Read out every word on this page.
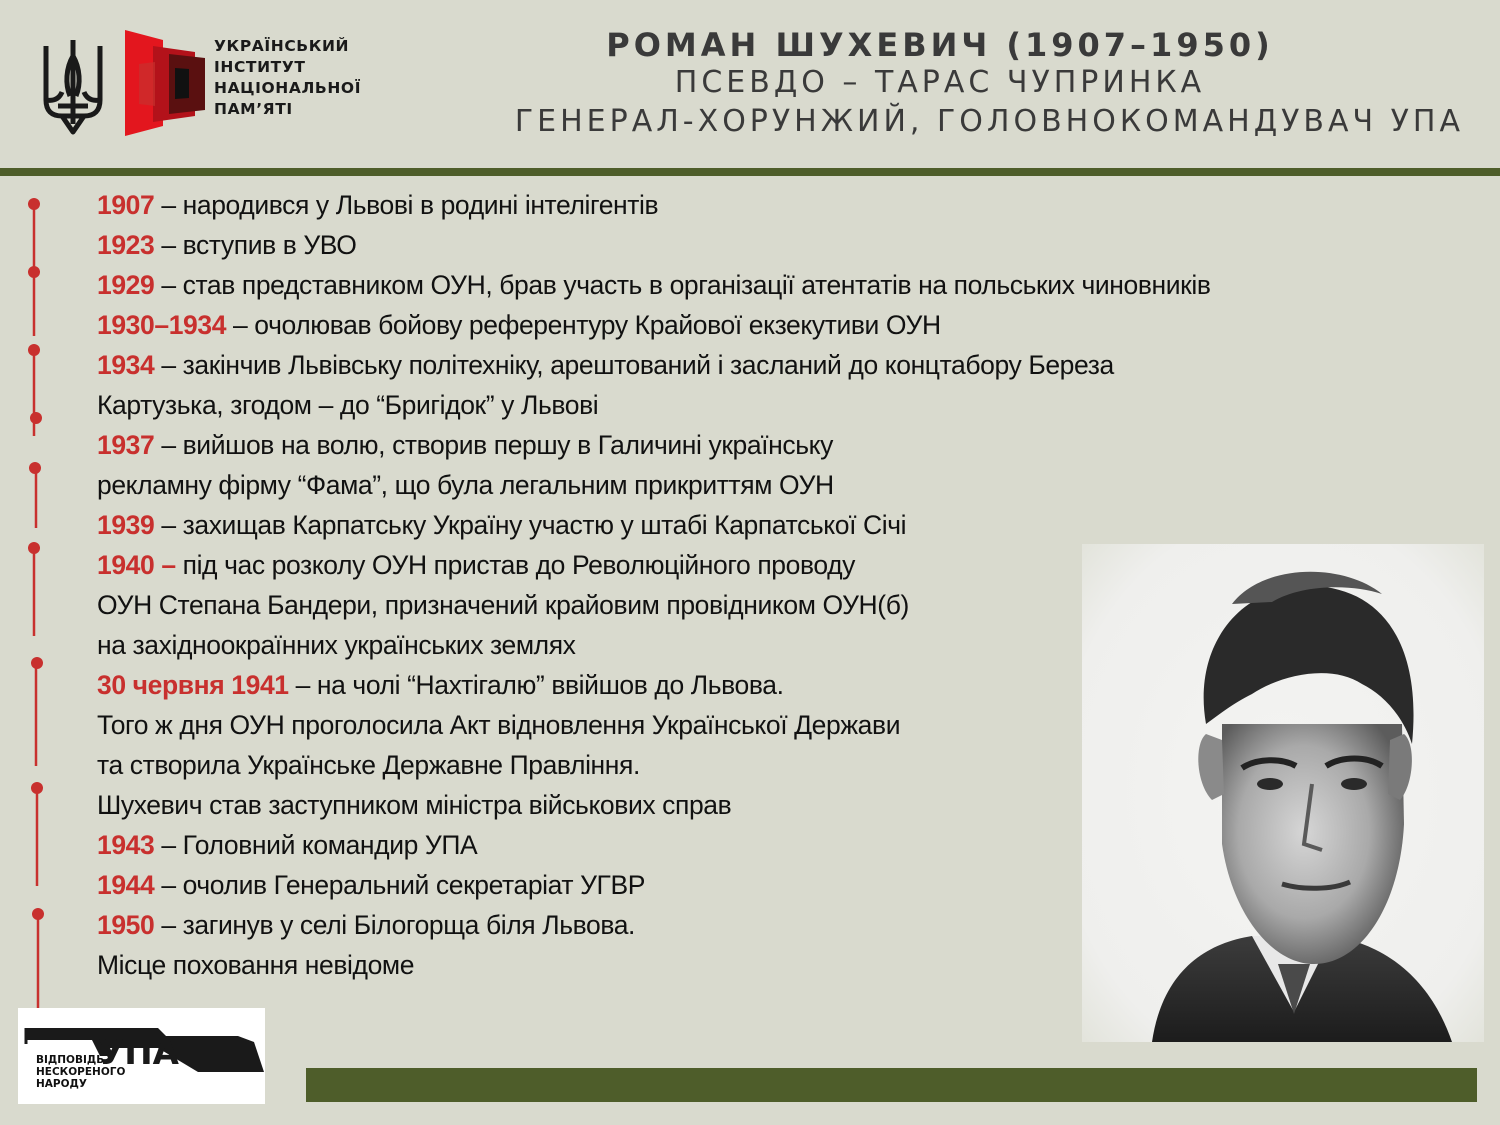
УКРАЇНСЬКИЙ
ІНСТИТУТ
НАЦІОНАЛЬНОЇ
ПАМ’ЯТІ
РОМАН ШУХЕВИЧ (1907–1950)
ПСЕВДО – ТАРАС ЧУПРИНКА
ГЕНЕРАЛ-ХОРУНЖИЙ, ГОЛОВНОКОМАНДУВАЧ УПА
1907 – народився у Львові в родині інтелігентів
1923 – вступив в УВО
1929 – став представником ОУН, брав участь в організації атентатів на польських чиновників
1930–1934 – очолював бойову референтуру Крайової екзекутиви ОУН
1934 – закінчив Львівську політехніку, арештований і засланий до концтабору Береза
Картузька, згодом – до “Бригідок” у Львові
1937 – вийшов на волю, створив першу в Галичині українську
рекламну фірму “Фама”, що була легальним прикриттям ОУН
1939 – захищав Карпатську Україну участю у штабі Карпатської Січі
1940 – під час розколу ОУН пристав до Революційного проводу
ОУН Степана Бандери, призначений крайовим провідником ОУН(б)
на західноокраїнних українських землях
30 червня 1941 – на чолі “Нахтігалю” ввійшов до Львова.
Того ж дня ОУН проголосила Акт відновлення Української Держави
та створила Українське Державне Правління.
Шухевич став заступником міністра військових справ
1943 – Головний командир УПА
1944 – очолив Генеральний секретаріат УГВР
1950 – загинув у селі Білогорща біля Львова.
Місце поховання невідоме
УПА
ВІДПОВІДЬ
НЕСКОРЕНОГО
НАРОДУ
